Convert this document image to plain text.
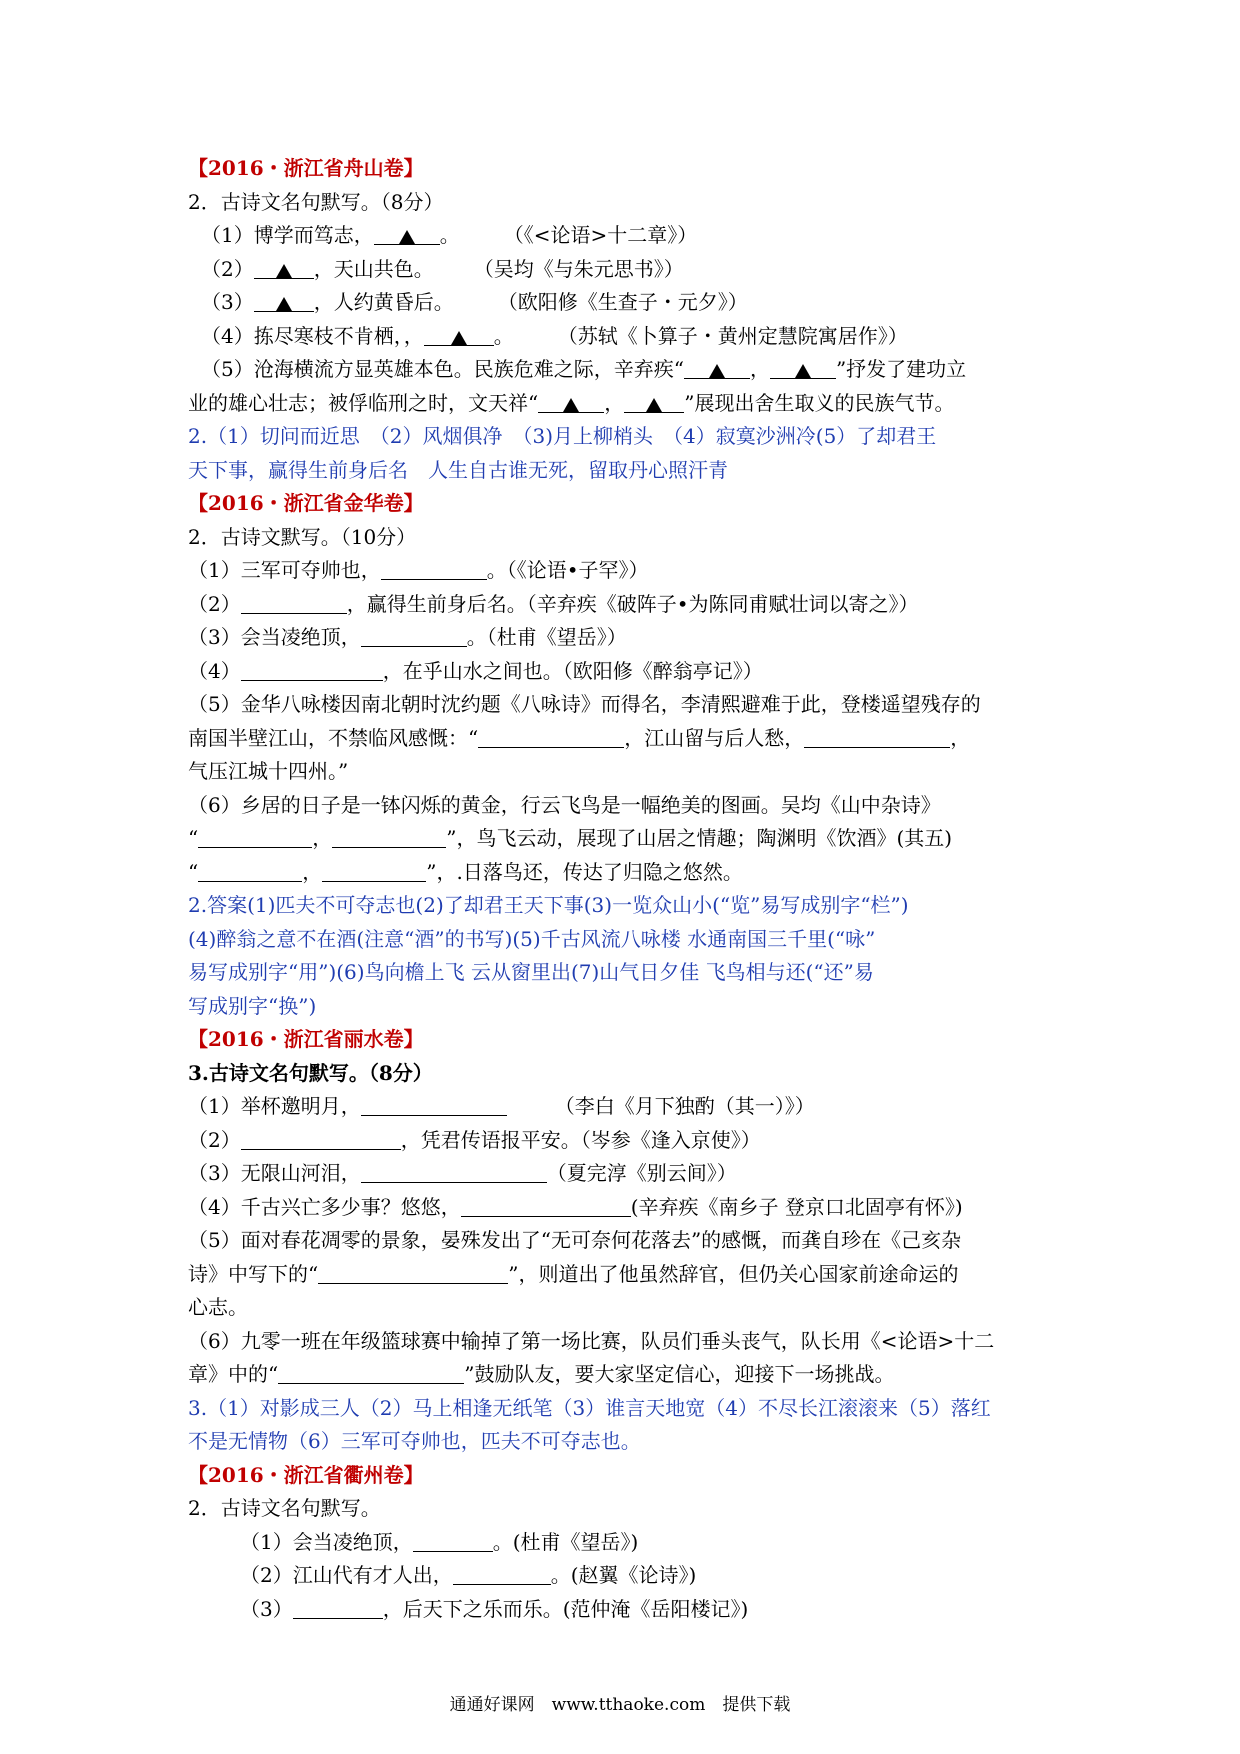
【2016・浙江省舟山卷】
2．古诗文名句默写。（8分）
（1）博学而笃志，	。 （《<论语>十二章》）
（2）	，天山共色。 （吴均《与朱元思书》）
（3）	，人约黄昏后。 （欧阳修《生查子・元夕》）
（4）拣尽寒枝不肯栖，，	。 （苏轼《卜算子・黄州定慧院寓居作》）
（5）沧海横流方显英雄本色。民族危难之际，辛弃疾“	，	”抒发了建功立
业的雄心壮志；被俘临刑之时，文天祥“	，	”展现出舍生取义的民族气节。
2.（1）切问而近思　（2）风烟俱净　（3)月上柳梢头　（4）寂寞沙洲冷(5）了却君王
天下事，赢得生前身后名　人生自古谁无死，留取丹心照汗青
【2016・浙江省金华卷】
2．古诗文默写。（10分）
（1）三军可夺帅也，	。（《论语•子罕》）
（2）	，赢得生前身后名。（辛弃疾《破阵子•为陈同甫赋壮词以寄之》）
（3）会当凌绝顶，	。（杜甫《望岳》）
（4）	，在乎山水之间也。（欧阳修《醉翁亭记》）
（5）金华八咏楼因南北朝时沈约题《八咏诗》而得名，李清熙避难于此，登楼遥望残存的
南国半壁江山，不禁临风感慨：“	，江山留与后人愁，	，
气压江城十四州。”
（6）乡居的日子是一钵闪烁的黄金，行云飞鸟是一幅绝美的图画。吴均《山中杂诗》
“	，	”，鸟飞云动，展现了山居之情趣；陶渊明《饮酒》(其五)
“	，	”，.日落鸟还，传达了归隐之悠然。
2.答案(1)匹夫不可夺志也(2)了却君王天下事(3)一览众山小(“览”易写成别字“栏”)
(4)醉翁之意不在酒(注意“酒”的书写)(5)千古风流八咏楼 水通南国三千里(“咏”
易写成别字“用”)(6)鸟向檐上飞 云从窗里出(7)山气日夕佳 飞鸟相与还(“还”易
写成别字“换”)
【2016・浙江省丽水卷】
3.古诗文名句默写。（8分）
（1）举杯邀明月，	（李白《月下独酌（其一）》）
（2）	，凭君传语报平安。（岑参《逢入京使》）
（3）无限山河泪，	（夏完淳《别云间》）
（4）千古兴亡多少事？悠悠，	(辛弃疾《南乡子 登京口北固亭有怀》)
（5）面对春花凋零的景象，晏殊发出了“无可奈何花落去”的感慨，而龚自珍在《己亥杂
诗》中写下的“	”，则道出了他虽然辞官，但仍关心国家前途命运的
心志。
（6）九零一班在年级篮球赛中输掉了第一场比赛，队员们垂头丧气，队长用《<论语>十二
章》中的“	”鼓励队友，要大家坚定信心，迎接下一场挑战。
3.（1）对影成三人（2）马上相逢无纸笔（3）谁言天地宽（4）不尽长江滚滚来（5）落红
不是无情物（6）三军可夺帅也，匹夫不可夺志也。
【2016・浙江省衢州卷】
2．古诗文名句默写。
（1）会当凌绝顶，	。(杜甫《望岳》)
（2）江山代有才人出，	。(赵翼《论诗》)
（3）	，后天下之乐而乐。(范仲淹《岳阳楼记》)
通通好课网　www.tthaoke.com　提供下载
